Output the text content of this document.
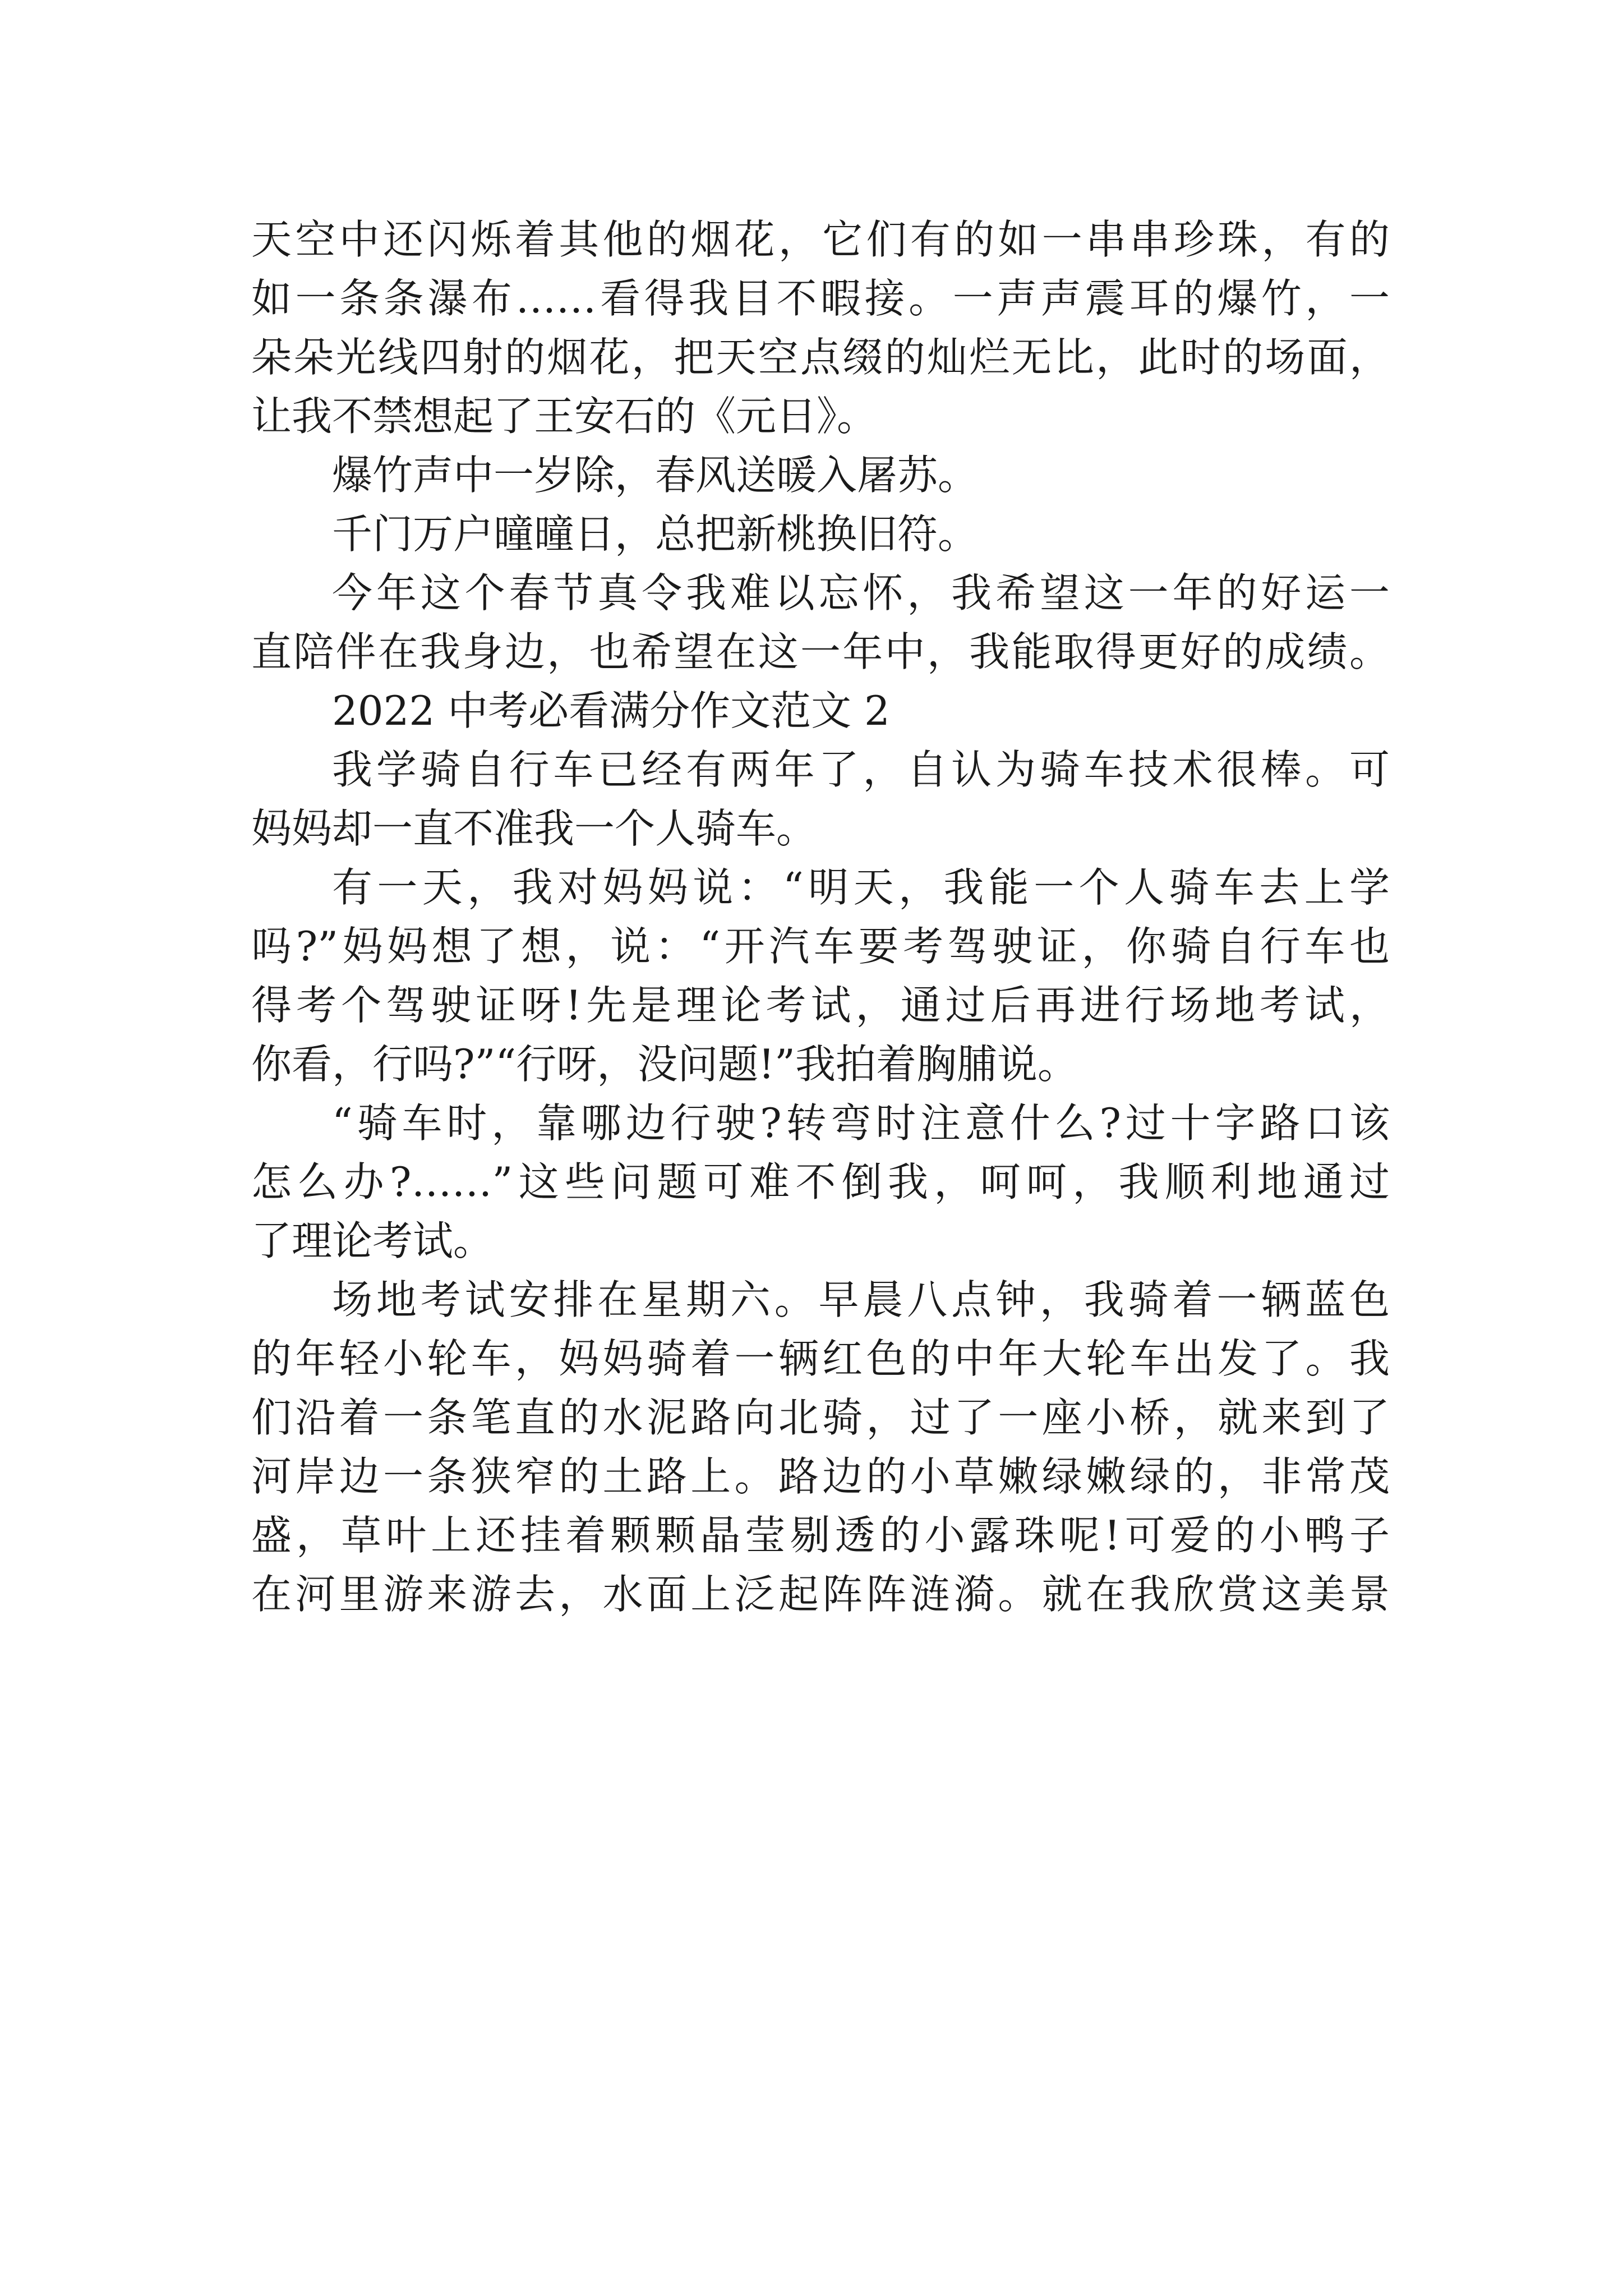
天空中还闪烁着其他的烟花，它们有的如一串串珍珠，有的
如一条条瀑布……看得我目不暇接。一声声震耳的爆竹，一
朵朵光线四射的烟花，把天空点缀的灿烂无比，此时的场面，
让我不禁想起了王安石的《元日》。
爆竹声中一岁除，春风送暖入屠苏。
千门万户曈曈日，总把新桃换旧符。
今年这个春节真令我难以忘怀，我希望这一年的好运一
直陪伴在我身边，也希望在这一年中，我能取得更好的成绩。
2022 中考必看满分作文范文 2
我学骑自行车已经有两年了，自认为骑车技术很棒。可
妈妈却一直不准我一个人骑车。
有一天，我对妈妈说：“明天，我能一个人骑车去上学
吗?”妈妈想了想，说：“开汽车要考驾驶证，你骑自行车也
得考个驾驶证呀!先是理论考试，通过后再进行场地考试，
你看，行吗?”“行呀，没问题!”我拍着胸脯说。
“骑车时，靠哪边行驶?转弯时注意什么?过十字路口该
怎么办?……”这些问题可难不倒我，呵呵，我顺利地通过
了理论考试。
场地考试安排在星期六。早晨八点钟，我骑着一辆蓝色
的年轻小轮车，妈妈骑着一辆红色的中年大轮车出发了。我
们沿着一条笔直的水泥路向北骑，过了一座小桥，就来到了
河岸边一条狭窄的土路上。路边的小草嫩绿嫩绿的，非常茂
盛，草叶上还挂着颗颗晶莹剔透的小露珠呢!可爱的小鸭子
在河里游来游去，水面上泛起阵阵涟漪。就在我欣赏这美景
